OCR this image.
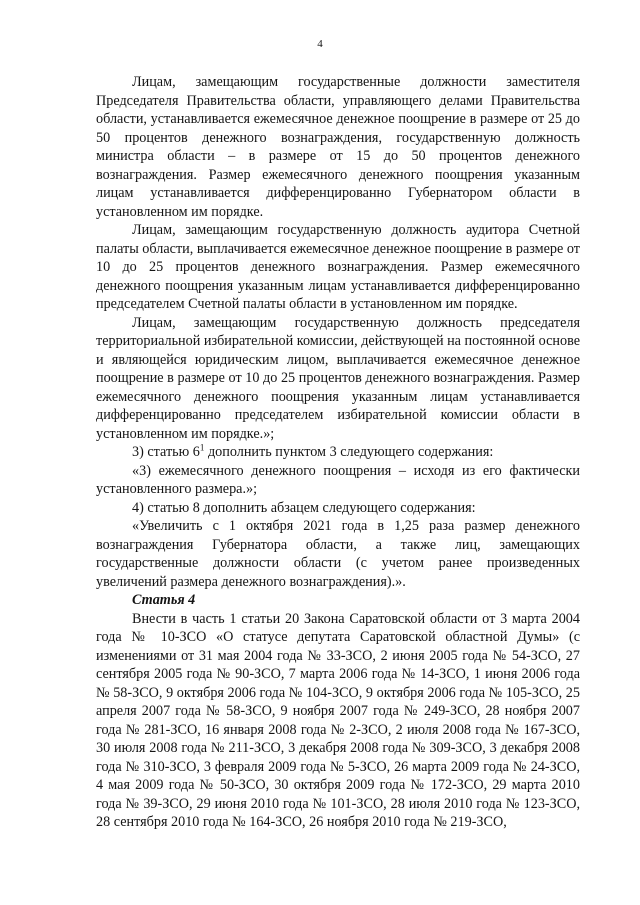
4

Лицам, замещающим государственные должности заместителя Председателя Правительства области, управляющего делами Правительства области, устанавливается ежемесячное денежное поощрение в размере от 25 до 50 процентов денежного вознаграждения, государственную должность министра области – в размере от 15 до 50 процентов денежного вознаграждения. Размер ежемесячного денежного поощрения указанным лицам устанавливается дифференцированно Губернатором области в установленном им порядке.

Лицам, замещающим государственную должность аудитора Счетной палаты области, выплачивается ежемесячное денежное поощрение в размере от 10 до 25 процентов денежного вознаграждения. Размер ежемесячного денежного поощрения указанным лицам устанавливается дифференцированно председателем Счетной палаты области в установленном им порядке.

Лицам, замещающим государственную должность председателя территориальной избирательной комиссии, действующей на постоянной основе и являющейся юридическим лицом, выплачивается ежемесячное денежное поощрение в размере от 10 до 25 процентов денежного вознаграждения. Размер ежемесячного денежного поощрения указанным лицам устанавливается дифференцированно председателем избирательной комиссии области в установленном им порядке.»;

3) статью $6^1$ дополнить пунктом 3 следующего содержания:

«3) ежемесячного денежного поощрения – исходя из его фактически установленного размера.»;

4) статью 8 дополнить абзацем следующего содержания:

«Увеличить с 1 октября 2021 года в 1,25 раза размер денежного вознаграждения Губернатора области, а также лиц, замещающих государственные должности области (с учетом ранее произведенных увеличений размера денежного вознаграждения).».

Статья 4

Внести в часть 1 статьи 20 Закона Саратовской области от 3 марта 2004 года № 10-ЗСО «О статусе депутата Саратовской областной Думы» (с изменениями от 31 мая 2004 года № 33-ЗСО, 2 июня 2005 года № 54-ЗСО, 27 сентября 2005 года № 90-ЗСО, 7 марта 2006 года № 14-ЗСО, 1 июня 2006 года № 58-ЗСО, 9 октября 2006 года № 104-ЗСО, 9 октября 2006 года № 105-ЗСО, 25 апреля 2007 года № 58-ЗСО, 9 ноября 2007 года № 249-ЗСО, 28 ноября 2007 года № 281-ЗСО, 16 января 2008 года № 2-ЗСО, 2 июля 2008 года № 167-ЗСО, 30 июля 2008 года № 211-ЗСО, 3 декабря 2008 года № 309-ЗСО, 3 декабря 2008 года № 310-ЗСО, 3 февраля 2009 года № 5-ЗСО, 26 марта 2009 года № 24-ЗСО, 4 мая 2009 года № 50-ЗСО, 30 октября 2009 года № 172-ЗСО, 29 марта 2010 года № 39-ЗСО, 29 июня 2010 года № 101-ЗСО, 28 июля 2010 года № 123-ЗСО, 28 сентября 2010 года № 164-ЗСО, 26 ноября 2010 года № 219-ЗСО,
